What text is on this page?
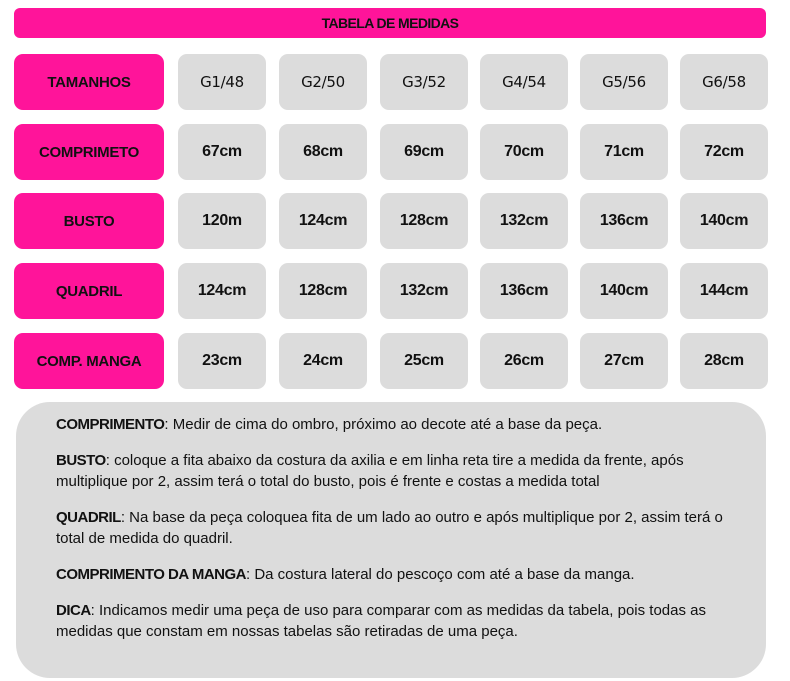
TABELA DE MEDIDAS
TAMANHOS	G1/48	G2/50	G3/52	G4/54	G5/56	G6/58
COMPRIMETO	67cm	68cm	69cm	70cm	71cm	72cm
BUSTO	120m	124cm	128cm	132cm	136cm	140cm
QUADRIL	124cm	128cm	132cm	136cm	140cm	144cm
COMP. MANGA	23cm	24cm	25cm	26cm	27cm	28cm

COMPRIMENTO: Medir de cima do ombro, próximo ao decote até a base da peça.

BUSTO: coloque a fita abaixo da costura da axilia e em linha reta tire a medida da frente, após multiplique por 2, assim terá o total do busto, pois é frente e costas a medida total

QUADRIL: Na base da peça coloquea fita de um lado ao outro e após multiplique por 2, assim terá o total de medida do quadril.

COMPRIMENTO DA MANGA: Da costura lateral do pescoço com até a base da manga.

DICA: Indicamos medir uma peça de uso para comparar com as medidas da tabela, pois todas as medidas que constam em nossas tabelas são retiradas de uma peça.
